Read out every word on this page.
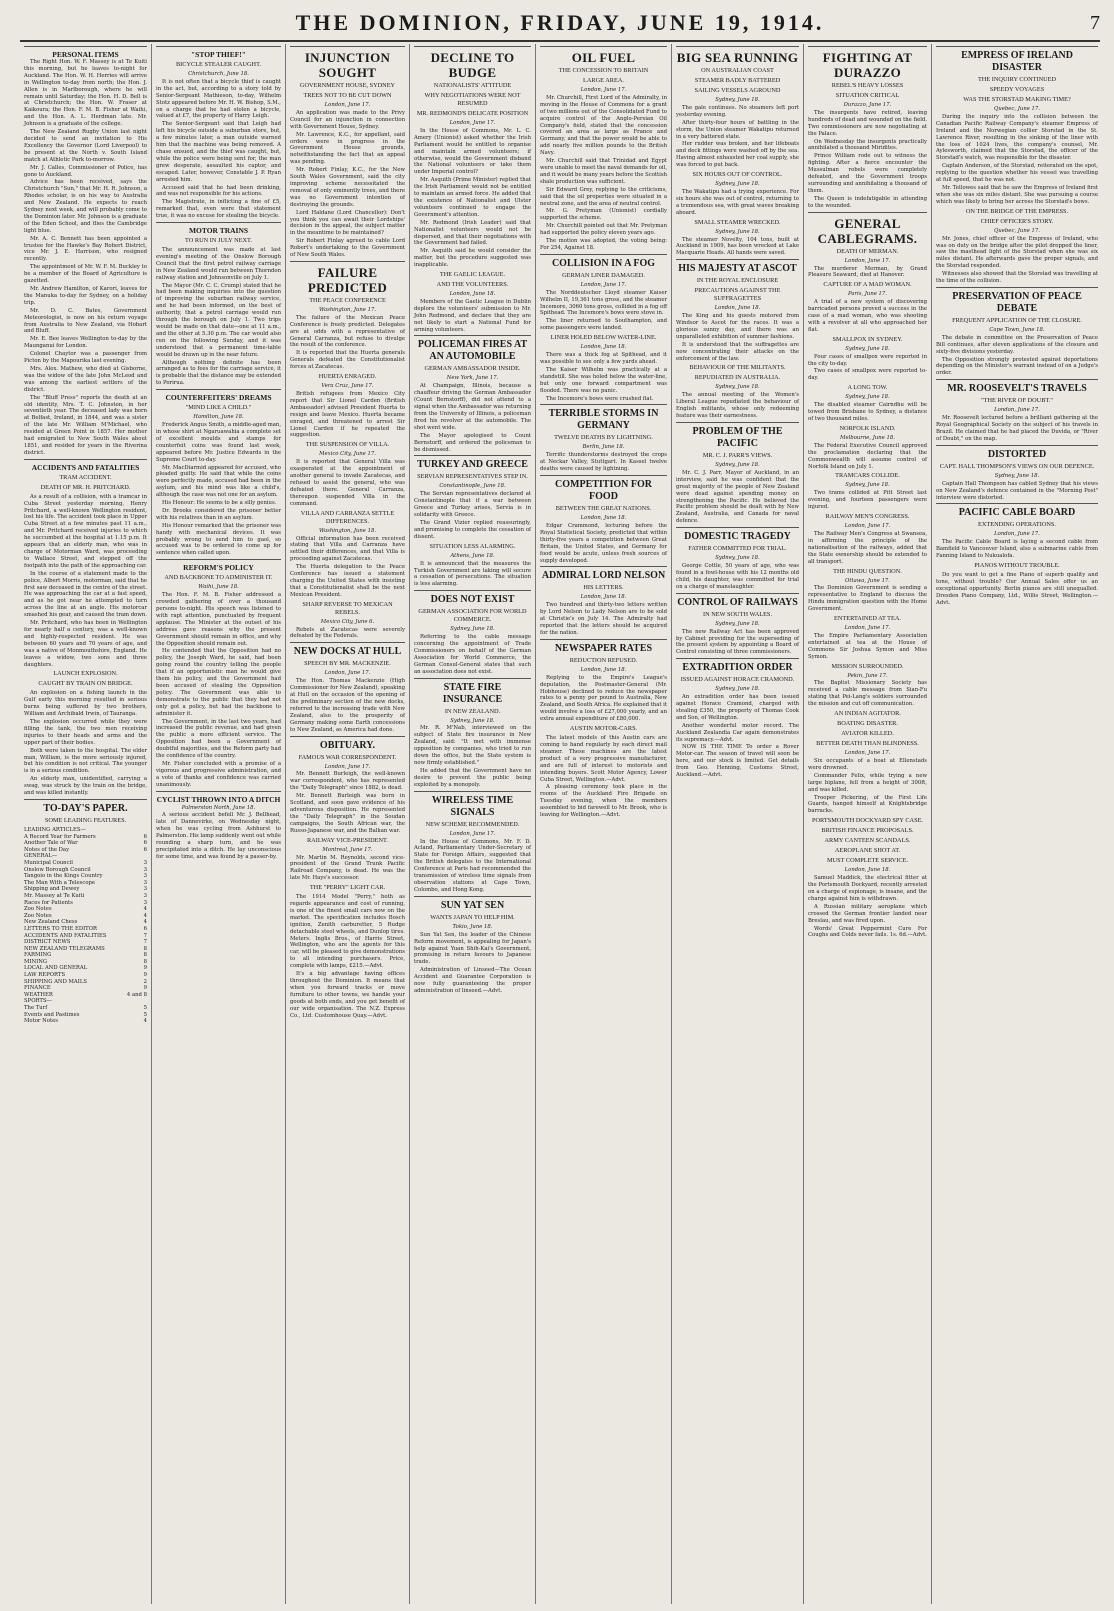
THE DOMINION, FRIDAY, JUNE 19, 1914.	7
PERSONAL ITEMS

The Right Hon. W. F. Massey is at Te Kuiti this morning, but he leaves to-night for Auckland. The Hon. W. H. Herries will arrive in Wellington to-day from north; the Hon. J. Allen is in Marlborough, where he will remain until Saturday; the Hon. H. D. Bell is at Christchurch; the Hon. W. Fraser at Kaikoura; the Hon. F. M. B. Fisher at Waihi, and the Hon. A. L. Herdman late. Mr. Johnson is a graduate of the college.

The New Zealand Rugby Union last night decided to send an invitation to His Excellency the Governor (Lord Liverpool) to be present at the North v. South Island match at Athletic Park to-morrow.

Mr. J. Calles, Commissioner of Police, has gone to Auckland.

Advice has been received, says the Christchurch "Sun," that Mr. H. R. Johnson, a Rhodes scholar, is on his way to Australia and New Zealand. He expects to reach Sydney next week, and will probably come to the Dominion later. Mr. Johnson is a graduate of the Eden School, and flies the Cambridge light blue.

Mr. A. C. Bennett has been appointed a trustee for the Hawke's Bay Robert District, vice Mr. J. E. Harrison, who resigned recently.

The appointment of Mr. W. F. M. Buckley to be a member of the Board of Agriculture is gazetted.

Mr. Andrew Hamilton, of Karori, leaves for the Manuka to-day for Sydney, on a holiday trip.

Mr. D. C. Bates, Government Meteorologist, is now on his return voyage from Australia to New Zealand, via Hobart and Bluff.

Mr. E. Bee leaves Wellington to-day by the Maunganui for London.

Colonel Chaytor was a passenger from Picton by the Mapourika last evening.

Mrs. Alex. Mathew, who died at Gisborne, was the widow of the late John McLeod and was among the earliest settlers of the district.

The "Bluff Press" reports the death at an old identity, Mrs. T. C. Johnston, in her seventieth year. The deceased lady was born at Belfast, Ireland, in 1844, and was a sister of the late Mr. William M'Michael, who resided at Green Point in 1857. Her mother had emigrated to New South Wales about 1851, and resided for years in the Riverina district.

ACCIDENTS AND FATALITIES
TRAM ACCIDENT.
DEATH OF MR. H. PRITCHARD.

As a result of a collision, with a tramcar in Cuba Street yesterday morning, Henry Pritchard, a well-known Wellington resident, lost his life. The accident took place in Upper Cuba Street at a few minutes past 11 a.m., and Mr. Pritchard received injuries to which he succumbed at the hospital at 1.15 p.m. It appears that an elderly man, who was in charge of Motorman Ward, was proceeding to Wallace Street, and stepped off the footpath into the path of the approaching car.

In the course of a statement made to the police, Albert Morris, motorman, said that he first saw deceased in the centre of the street. He was approaching the car at a fast speed, and as he got near he attempted to turn across the line at an angle. His motorcar smashed his gear, and caused the tram down.

Mr. Pritchard, who has been in Wellington for nearly half a century, was a well-known and highly-respected resident. He was between 60 years and 70 years of age, and was a native of Monmouthshire, England. He leaves a widow, two sons and three daughters.

LAUNCH EXPLOSION.
CAUGHT BY TRAIN ON BRIDGE.

An explosion on a fishing launch in the Gulf early this morning resulted in serious burns being suffered by two brothers, William and Archibald Irwin, of Tauranga.

The explosion occurred while they were filling the tank, the two men receiving injuries to their heads and arms and the upper part of their bodies.

Both were taken to the hospital. The elder man, William, is the more seriously injured, but his condition is not critical. The younger is in a serious condition.

An elderly man, unidentified, carrying a swag, was struck by the train on the bridge, and was killed instantly.

TO-DAY'S PAPER.
SOME LEADING FEATURES.
LEADING ARTICLES—
A Record Year for Farmers	6
Another Tale of War	6
Notes of the Day	6
GENERAL—
Municipal Council	3
Onslow Borough Council	3
Tangoio in the Kings Country	3
The Man With a Telescope	3
Shipping and Dewey	3
Mr. Massey at Te Kuiti	3
Races for Patients	3
Zoo Notes	4
Zoo Notes	4
New Zealand Chess	4
LETTERS TO THE EDITOR	6
ACCIDENTS AND FATALITIES	7
DISTRICT NEWS	7
NEW ZEALAND TELEGRAMS	8
FARMING	8
MINING	8
LOCAL AND GENERAL	9
LAW REPORTS	9
SHIPPING AND MAILS	2
FINANCE	9
WEATHER	4 and 8
SPORTS—
The Turf	5
Events and Pastimes	5
Motor Notes	4
"STOP THIEF!"
BICYCLE STEALER CAUGHT.
Christchurch, June 18.

It is not often that a bicycle thief is caught in the act, but, according to a story told by Senior-Sergeant Mathieson, to-day, Wilhelm Stotz appeared before Mr. H. W. Bishop, S.M., on a charge that he had stolen a bicycle, valued at £7, the property of Harry Leigh.

The Senior-Sergeant said that Leigh had left his bicycle outside a suburban store, but, a few minutes later, a man outside warned him that the machine was being removed. A chase ensued, and the thief was caught, but, while the police were being sent for, the man grew desperate, assaulted his captor, and escaped. Later, however, Constable J. P. Ryan arrested him.

Accused said that he had been drinking, and was not responsible for his actions.

The Magistrate, in inflicting a fine of £5, remarked that, even were that statement true, it was no excuse for stealing the bicycle.

MOTOR TRAINS
TO RUN IN JULY NEXT.

The announcement was made at last evening's meeting of the Onslow Borough Council that the first petrol railway carriage in New Zealand would run between Thorndon railway station and Johnsonville on July 1.

The Mayor (Mr. C. C. Crump) stated that he had been making inquiries into the question of improving the suburban railway service, and he had been informed, on the best of authority, that a petrol carriage would run through the borough on July 1. Two trips would be made on that date—one at 11 a.m., and the other at 5.30 p.m. The car would also run on the following Sunday, and it was understood that a permanent time-table would be drawn up in the near future.

Although nothing definite has been arranged as to fees for the carriage service, it is probable that the distance may be extended to Porirua.

COUNTERFEITERS' DREAMS
"MIND LIKE A CHILD."
Hamilton, June 18.

Frederick Angus Smith, a middle-aged man, in whose shirt at Ngaruawahia a complete set of excellent moulds and stamps for counterfeit coins was found last week, appeared before Mr. Justice Edwards in the Supreme Court to-day.

Mr. MacDiarmid appeared for accused, who pleaded guilty. He said that while the coins were perfectly made, accused had been in the asylum, and his mind was like a child's, although the case was not one for an asylum.

His Honour: He seems to be a silly genius.

Dr. Brooks considered the prisoner better with his relatives than in an asylum.

His Honour remarked that the prisoner was handy with mechanical devices. It was probably wrong to send him to gaol, so accused was to be ordered to come up for sentence when called upon.

REFORM'S POLICY
AND BACKBONE TO ADMINISTER IT.
Waihi, June 18.

The Hon. F. M. B. Fisher addressed a crowded gathering of over a thousand persons to-night. His speech was listened to with rapt attention, punctuated by frequent applause. The Minister at the outset of his address gave reasons why the present Government should remain in office, and why the Opposition should remain out.

He contended that the Opposition had no policy, the Joseph Ward, he said, had been going round the country telling the people that if an opportunistic man he would give them his policy, and the Government had been accused of stealing the Opposition policy. The Government was able to demonstrate to the public that they had not only got a policy, but had the backbone to administer it.

The Government, in the last two years, had increased the public revenue, and had given the public a more efficient service. The Opposition had been a Government of doubtful majorities, and the Reform party had the confidence of the country.

Mr. Fisher concluded with a promise of a vigorous and progressive administration, and a vote of thanks and confidence was carried unanimously.

CYCLIST THROWN INTO A DITCH
Palmerston North, June 18.

A serious accident befell Mr. J. Bellhead, late of Dannevirke, on Wednesday night, when he was cycling from Ashhurst to Palmerston. His lamp suddenly went out while rounding a sharp turn, and he was precipitated into a ditch. He lay unconscious for some time, and was found by a passer-by.

INJUNCTION SOUGHT
GOVERNMENT HOUSE, SYDNEY
TREES NOT TO BE CUT DOWN
London, June 17.

An application was made to the Privy Council for an injunction in connection with Government House, Sydney.

Mr. Lawrence, K.C., for appellant, said orders were in progress in the Government House grounds, notwithstanding the fact that an appeal was pending.

Mr. Robert Finlay, K.C., for the New South Wales Government, said the city improving scheme necessitated the removal of only eminently trees, and there was no Government intention of destroying the grounds.

Lord Haldane (Lord Chancellor): Don't you think you can await their Lordships' decision in the appeal, the subject matter in the meantime to be maintained?

Sir Robert Finlay agreed to cable Lord Robert's undertaking to the Government of New South Wales.

FAILURE PREDICTED
THE PEACE CONFERENCE
Washington, June 17.

The failure of the Mexican Peace Conference is freely predicted. Delegates are at odds with a representative of General Carranza, but refuse to divulge the result of the conference.

It is reported that the Huerta generals Generals defeated the Constitutionalist forces at Zacatecas.

HUERTA ENRAGED.
Vera Cruz, June 17.

British refugees from Mexico City report that Sir Lionel Carden (British Ambassador) advised President Huerta to resign and leave Mexico. Huerta became enraged, and threatened to arrest Sir Lionel Carden if he repeated the suggestion.

THE SUSPENSION OF VILLA.
Mexico City, June 17.

It is reported that General Villa was exasperated at the appointment of another general to invade Zacatecas, and refused to assist the general, who was defeated there. General Carranza, thereupon suspended Villa in the command.

VILLA AND CARRANZA SETTLE DIFFERENCES.
Washington, June 18.

Official information has been received stating that Villa and Carranza have settled their differences, and that Villa is proceeding against Zacatecas.

The Huerta delegation to the Peace Conference has issued a statement charging the United States with insisting that a Constitutionalist shall be the next Mexican President.

SHARP REVERSE TO MEXICAN REBELS.
Mexico City, June 6.

Rebels at Zacatecas were severely defeated by the Federals.

NEW DOCKS AT HULL
SPEECH BY MR. MACKENZIE.
London, June 17.

The Hon. Thomas Mackenzie (High Commissioner for New Zealand), speaking at Hull on the occasion of the opening of the preliminary section of the new docks, referred to the increasing trade with New Zealand, also to the prosperity of Germany making some Earth concessions to New Zealand, as America had done.

OBITUARY.
FAMOUS WAR CORRESPONDENT.
London, June 17.

Mr. Bennett Burleigh, the well-known war correspondent, who has represented the "Daily Telegraph" since 1882, is dead.

Mr. Bennett Burleigh was born in Scotland, and soon gave evidence of his adventurous disposition. He represented the "Daily Telegraph" in the Soudan campaigns, the South African war, the Russo-Japanese war, and the Balkan war.

RAILWAY VICE-PRESIDENT.
Montreal, June 17.

Mr. Martin M. Reynolds, second vice-president of the Grand Trunk Pacific Railroad Company, is dead. He was the late Mr. Hays's successor.

THE "PERRY" LIGHT CAR.

The 1914 Model "Perry," both as regards appearance and cost of running, is one of the finest small cars now on the market. The specification includes Bosch ignition, Zenith carburetter, 5 Rudge detachable steel wheels, and Dunlop tires. Meters. Inglis Bros., of Harris Street, Wellington, who are the agents for this car, will be pleased to give demonstrations to all intending purchasers. Price, complete with lamps, £215.—Advt.

It's a big advantage having offices throughout the Dominion. It means that when you forward tracks or move furniture to other towns, we handle your goods at both ends, and you get benefit of our wide organisation. The N.Z. Express Co., Ltd. Customhouse Quay.—Advt.

DECLINE TO BUDGE
NATIONALISTS' ATTITUDE
WHY NEGOTIATIONS WERE NOT RESUMED
MR. REDMOND'S DELICATE POSITION
London, June 17.

In the House of Commons, Mr. L. C. Amery (Unionist) asked whether the Irish Parliament would be entitled to organise and maintain armed volunteers; if otherwise, would the Government disband the National volunteers or take them under Imperial control?

Mr. Asquith (Prime Minister) replied that the Irish Parliament would not be entitled to maintain an armed force. He added that the existence of Nationalist and Ulster volunteers continued to engage the Government's attention.

Mr. Redmond (Irish Leader) said that Nationalist volunteers would not be dispersed, and that their negotiations with the Government had failed.

Mr. Asquith said he would consider the matter, but the procedure suggested was inapplicable.

THE GAELIC LEAGUE.
AND THE VOLUNTEERS.
London, June 18.

Members of the Gaelic League in Dublin deplore the volunteers' submission to Mr. John Redmond, and declare that they are not likely to start a National Fund for arming volunteers.

POLICEMAN FIRES AT AN AUTOMOBILE
GERMAN AMBASSADOR INSIDE.
New York, June 17.

At Champaign, Illinois, because a chauffeur driving the German Ambassador (Count Bernstorff), did not attend to a signal when the Ambassador was returning from the University of Illinois, a policeman fired his revolver at the automobile. The shot went wide.

The Mayor apologised to Count Bernstorff, and ordered the policeman to be dismissed.

TURKEY AND GREECE
SERVIAN REPRESENTATIVES STEP IN.
Constantinople, June 18.

The Servian representatives declared at Constantinople that if a war between Greece and Turkey arises, Servia is in solidarity with Greece.

The Grand Vizier replied reassuringly, and promising to complete the cessation of dissent.

SITUATION LESS ALARMING.
Athens, June 18.

It is announced that the measures the Turkish Government are taking will secure a cessation of persecutions. The situation is less alarming.

DOES NOT EXIST
GERMAN ASSOCIATION FOR WORLD COMMERCE.
Sydney, June 18.

Referring to the cable message concerning the appointment of Trade Commissioners on behalf of the German Association for World Commerce, the German Consul-General states that such an association does not exist.

STATE FIRE INSURANCE
IN NEW ZEALAND.
Sydney, June 18.

Mr. R. M'Nab, interviewed on the subject of State fire insurance in New Zealand, said: "It met with immense opposition by companies, who tried to run down the office, but the State system is now firmly established."

He added that the Government have no desire to prevent the public being exploited by a monopoly.

WIRELESS TIME SIGNALS
NEW SCHEME RECOMMENDED.
London, June 17.

In the House of Commons, Mr. F. D. Acland, Parliamentary Under-Secretary of State for Foreign Affairs, suggested that the British delegates to the International Conference at Paris had recommended the transmission of wireless time signals from observation stations at Cape Town, Colombo, and Hong Kong.

SUN YAT SEN
WANTS JAPAN TO HELP HIM.
Tokio, June 18.

Sun Yat Sen, the leader of the Chinese Reform movement, is appealing for Japan's help against Yuan Shih-Kai's Government, promising in return favours to Japanese trade.

Administration of Linseed—The Ocean Accident and Guarantee Corporation is now fully guaranteeing the proper administration of linseed.—Advt.

OIL FUEL
THE CONCESSION TO BRITAIN
LARGE AREA.
London, June 17.

Mr. Churchill, First Lord of the Admiralty, in moving in the House of Commons for a grant of two millions out of the Consolidated Fund to acquire control of the Anglo-Persian Oil Company's field, stated that the concession covered an area as large as France and Germany, and that the power would be able to add nearly five million pounds to the British Navy.

Mr. Churchill said that Trinidad and Egypt were unable to meet the naval demands for oil, and it would be many years before the Scottish shale production was sufficient.

Sir Edward Grey, replying to the criticisms, said that the oil properties were situated in a neutral zone, and the area of neutral control.

Mr. G. Pretyman (Unionist) cordially supported the scheme.

Mr. Churchill pointed out that Mr. Pretyman had supported the policy eleven years ago.

The motion was adopted, the voting being: For 254, Against 18.

COLLISION IN A FOG
GERMAN LINER DAMAGED.
London, June 17.

The Norddeutscher Lloyd steamer Kaiser Wilhelm II, 19,361 tons gross, and the steamer Incemore, 3060 tons gross, collided in a fog off Spithead. The Incemore's bows were stove in.

The liner returned to Southampton, and some passengers were landed.

LINER HOLED BELOW WATER-LINE.
London, June 18.

There was a thick fog at Spithead, and it was possible to see only a few yards ahead.

The Kaiser Wilhelm was practically at a standstill. She was holed below the water-line, but only one forward compartment was flooded. There was no panic.

The Incemore's bows were crushed flat.

TERRIBLE STORMS IN GERMANY
TWELVE DEATHS BY LIGHTNING.
Berlin, June 18.

Terrific thunderstorms destroyed the crops at Neckar Valley, Stuttgart. In Kassel twelve deaths were caused by lightning.

COMPETITION FOR FOOD
BETWEEN THE GREAT NATIONS.
London, June 18.

Edgar Crammond, lecturing before the Royal Statistical Society, predicted that within thirty-five years a competition between Great Britain, the United States, and Germany for food would be acute, unless fresh sources of supply developed.

ADMIRAL LORD NELSON
HIS LETTERS.
London, June 18.

Two hundred and thirty-two letters written by Lord Nelson to Lady Nelson are to be sold at Christie's on July 14. The Admiralty had reported that the letters should be acquired for the nation.

NEWSPAPER RATES
REDUCTION REFUSED.
London, June 18.

Replying to the Empire's League's deputation, the Postmaster-General (Mr. Hobhouse) declined to reduce the newspaper rates to a penny per pound to Australia, New Zealand, and South Africa. He explained that it would involve a loss of £27,000 yearly, and an extra annual expenditure of £80,000.

AUSTIN MOTOR-CARS.

The latest models of this Austin cars are coming to hand regularly by each direct mail steamer. These machines are the latest product of a very progressive manufacturer, and are full of interest to motorists and intending buyers. Scott Motor Agency, Lower Cuba Street, Wellington.—Advt.

A pleasing ceremony took place in the rooms of the Auckland Fire Brigade on Tuesday evening, when the members assembled to bid farewell to Mr. Brook, who is leaving for Wellington.—Advt.

BIG SEA RUNNING
ON AUSTRALIAN COAST
STEAMER BADLY BATTERED
SAILING VESSELS AGROUND
Sydney, June 18.

The gale continues. No steamers left port yesterday evening.

After thirty-four hours of battling in the storm, the Union steamer Wakatipu returned in a very battered state.

Her rudder was broken, and her lifeboats and deck fittings were washed off by the sea. Having almost exhausted her coal supply, she was forced to put back.

SIX HOURS OUT OF CONTROL.
Sydney, June 18.

The Wakatipu had a trying experience. For six hours she was out of control, returning to a tremendous sea, with great waves breaking aboard.

SMALL STEAMER WRECKED.
Sydney, June 18.

The steamer Novelty, 104 tons, built at Auckland in 1909, has been wrecked at Lake Macquarie Heads. All hands were saved.

HIS MAJESTY AT ASCOT
IN THE ROYAL ENCLOSURE
PRECAUTIONS AGAINST THE SUFFRAGETTES
London, June 18.

The King and his guests motored from Windsor to Ascot for the races. It was a glorious sunny day, and there was an unparalleled exhibition of summer fashions.

It is understood that the suffragettes are now concentrating their attacks on the enforcement of the law.

BEHAVIOUR OF THE MILITANTS.
REPUDIATED IN AUSTRALIA.
Sydney, June 18.

The annual meeting of the Women's Liberal League repudiated the behaviour of English militants, whose only redeeming feature was their earnestness.

PROBLEM OF THE PACIFIC
MR. C. J. PARR'S VIEWS.
Sydney, June 18.

Mr. C. J. Parr, Mayor of Auckland, in an interview, said he was confident that the great majority of the people of New Zealand were dead against spending money on strengthening the Pacific. He believed the Pacific problem should be dealt with by New Zealand, Australia, and Canada for naval defence.

DOMESTIC TRAGEDY
FATHER COMMITTED FOR TRIAL.
Sydney, June 18.

George Cottle, 50 years of age, who was found in a fowl-house with his 12 months old child, his daughter, was committed for trial on a charge of manslaughter.

CONTROL OF RAILWAYS
IN NEW SOUTH WALES.
Sydney, June 18.

The new Railway Act has been approved by Cabinet providing for the superseding of the present system by appointing a Board of Control consisting of three commissioners.

EXTRADITION ORDER
ISSUED AGAINST HORACE CRAMOND.
Sydney, June 18.

An extradition order has been issued against Horace Cramond, charged with stealing £350, the property of Thomas Cook and Son, of Wellington.

Another wonderful motor record. The Auckland Zealandia Car again demonstrates its supremacy.—Advt.

NOW IS THE TIME To order a Rover Motor-car. The season of travel will soon be here, and our stock is limited. Get details from Geo. Henning, Customs Street, Auckland.—Advt.

FIGHTING AT DURAZZO
REBEL'S HEAVY LOSSES
SITUATION CRITICAL
Durazzo, June 17.

The insurgents have retired, leaving hundreds of dead and wounded on the field. Two commissioners are now negotiating at the Palace.

On Wednesday the insurgents practically annihilated a thousand Miridites.

Prince William rode out to witness the fighting. After a fierce encounter the Mussulman rebels were completely defeated, and the Government troops surrounding and annihilating a thousand of them.

The Queen is indefatigable in attending to the wounded.

GENERAL CABLEGRAMS.
DEATH OF MERMAN.
London, June 17.

The murderer Merman, by Grand Pleasure Seaward, died at Hanover.

CAPTURE OF A MAD WOMAN.
Paris, June 17.

A trial of a new system of discovering barricaded persons proved a success in the case of a mad woman, who was shooting with a revolver at all who approached her flat.

SMALLPOX IN SYDNEY.
Sydney, June 18.

Four cases of smallpox were reported in the city to-day.

Two cases of smallpox were reported to-day.

A LONG TOW.
Sydney, June 18.

The disabled steamer Cairndhu will be towed from Brisbane to Sydney, a distance of two thousand miles.

NORFOLK ISLAND.
Melbourne, June 18.

The Federal Executive Council approved the proclamation declaring that the Commonwealth will assume control of Norfolk Island on July 1.

TRAMCARS COLLIDE.
Sydney, June 18.

Two trams collided at Pitt Street last evening, and fourteen passengers were injured.

RAILWAY MEN'S CONGRESS.
London, June 17.

The Railway Men's Congress at Swansea, in affirming the principle of the nationalisation of the railways, added that the State ownership should be extended to all transport.

THE HINDU QUESTION.
Ottawa, June 17.

The Dominion Government is sending a representative to England to discuss the Hindu immigration question with the Home Government.

ENTERTAINED AT TEA.
London, June 17.

The Empire Parliamentary Association entertained at tea at the House of Commons Sir Joshua Symon and Miss Symon.

MISSION SURROUNDED.
Pekin, June 17.

The Baptist Missionary Society has received a cable message from Sian-Fu stating that Pei-Lang's soldiers surrounded the mission and cut off communication.

AN INDIAN AGITATOR.
BOATING DISASTER.
AVIATOR KILLED.
BETTER DEATH THAN BLINDNESS.
London, June 17.

Six occupants of a boat at Ellenstads were drowned.

Commander Felix, while trying a new large biplane, fell from a height of 300ft, and was killed.

Trooper Pickering, of the First Life Guards, hanged himself at Knightsbridge barracks.

PORTSMOUTH DOCKYARD SPY CASE.
BRITISH FINANCE PROPOSALS.
ARMY CANTEEN SCANDALS.
AEROPLANE SHOT AT.
MUST COMPLETE SERVICE.
London, June 18.

Samuel Maddick, the electrical fitter at the Portsmouth Dockyard, recently arrested on a charge of espionage, is insane, and the charge against him is withdrawn.

A Russian military aeroplane which crossed the German frontier landed near Breslau, and was fired upon.

Words' Great Peppermint Cure For Coughs and Colds never fails. 1s. 6d.—Advt.

EMPRESS OF IRELAND DISASTER
THE INQUIRY CONTINUED
SPEEDY VOYAGES
WAS THE STORSTAD MAKING TIME?
Quebec, June 17.

During the inquiry into the collision between the Canadian Pacific Railway Company's steamer Empress of Ireland and the Norwegian collier Storstad in the St. Lawrence River, resulting in the sinking of the liner with the loss of 1024 lives, the company's counsel, Mr. Aylesworth, claimed that the Storstad, the officer of the Storstad's watch, was responsible for the disaster.

Captain Anderson, of the Storstad, reiterated on the spot, replying to the question whether his vessel was travelling at full speed, that he was not.

Mr. Tellowes said that he saw the Empress of Ireland first when she was six miles distant. She was pursuing a course which was likely to bring her across the Storstad's bows.

ON THE BRIDGE OF THE EMPRESS.
CHIEF OFFICER'S STORY.
Quebec, June 17.

Mr. Jones, chief officer of the Empress of Ireland, who was on duty on the bridge after the pilot dropped the liner, saw the masthead light of the Storstad when she was six miles distant. He afterwards gave the proper signals, and the Storstad responded.

Witnesses also showed that the Storstad was travelling at the time of the collision.

PRESERVATION OF PEACE DEBATE
FREQUENT APPLICATION OF THE CLOSURE.
Cape Town, June 18.

The debate in committee on the Preservation of Peace Bill continues, after eleven applications of the closure and sixty-five divisions yesterday.

The Opposition strongly protested against deportations depending on the Minister's warrant instead of on a Judge's order.

MR. ROOSEVELT'S TRAVELS
"THE RIVER OF DOUBT."
London, June 17.

Mr. Roosevelt lectured before a brilliant gathering at the Royal Geographical Society on the subject of his travels in Brazil. He claimed that he had placed the Duvida, or "River of Doubt," on the map.

DISTORTED
CAPT. HALL THOMPSON'S VIEWS ON OUR DEFENCE.
Sydney, June 18.

Captain Hall Thompson has cabled Sydney that his views on New Zealand's defence contained in the "Morning Post" interview were distorted.

PACIFIC CABLE BOARD
EXTENDING OPERATIONS.
London, June 17.

The Pacific Cable Board is laying a second cable from Bamfield to Vancouver Island, also a submarine cable from Fanning Island to Nukualofa.

PIANOS WITHOUT TROUBLE.

Do you want to get a fine Piano of superb quality and tone, without trouble? Our Annual Sales offer us an exceptional opportunity. Berlin pianos are still unequalled. Dresden Piano Company, Ltd., Willis Street, Wellington.—Advt.
